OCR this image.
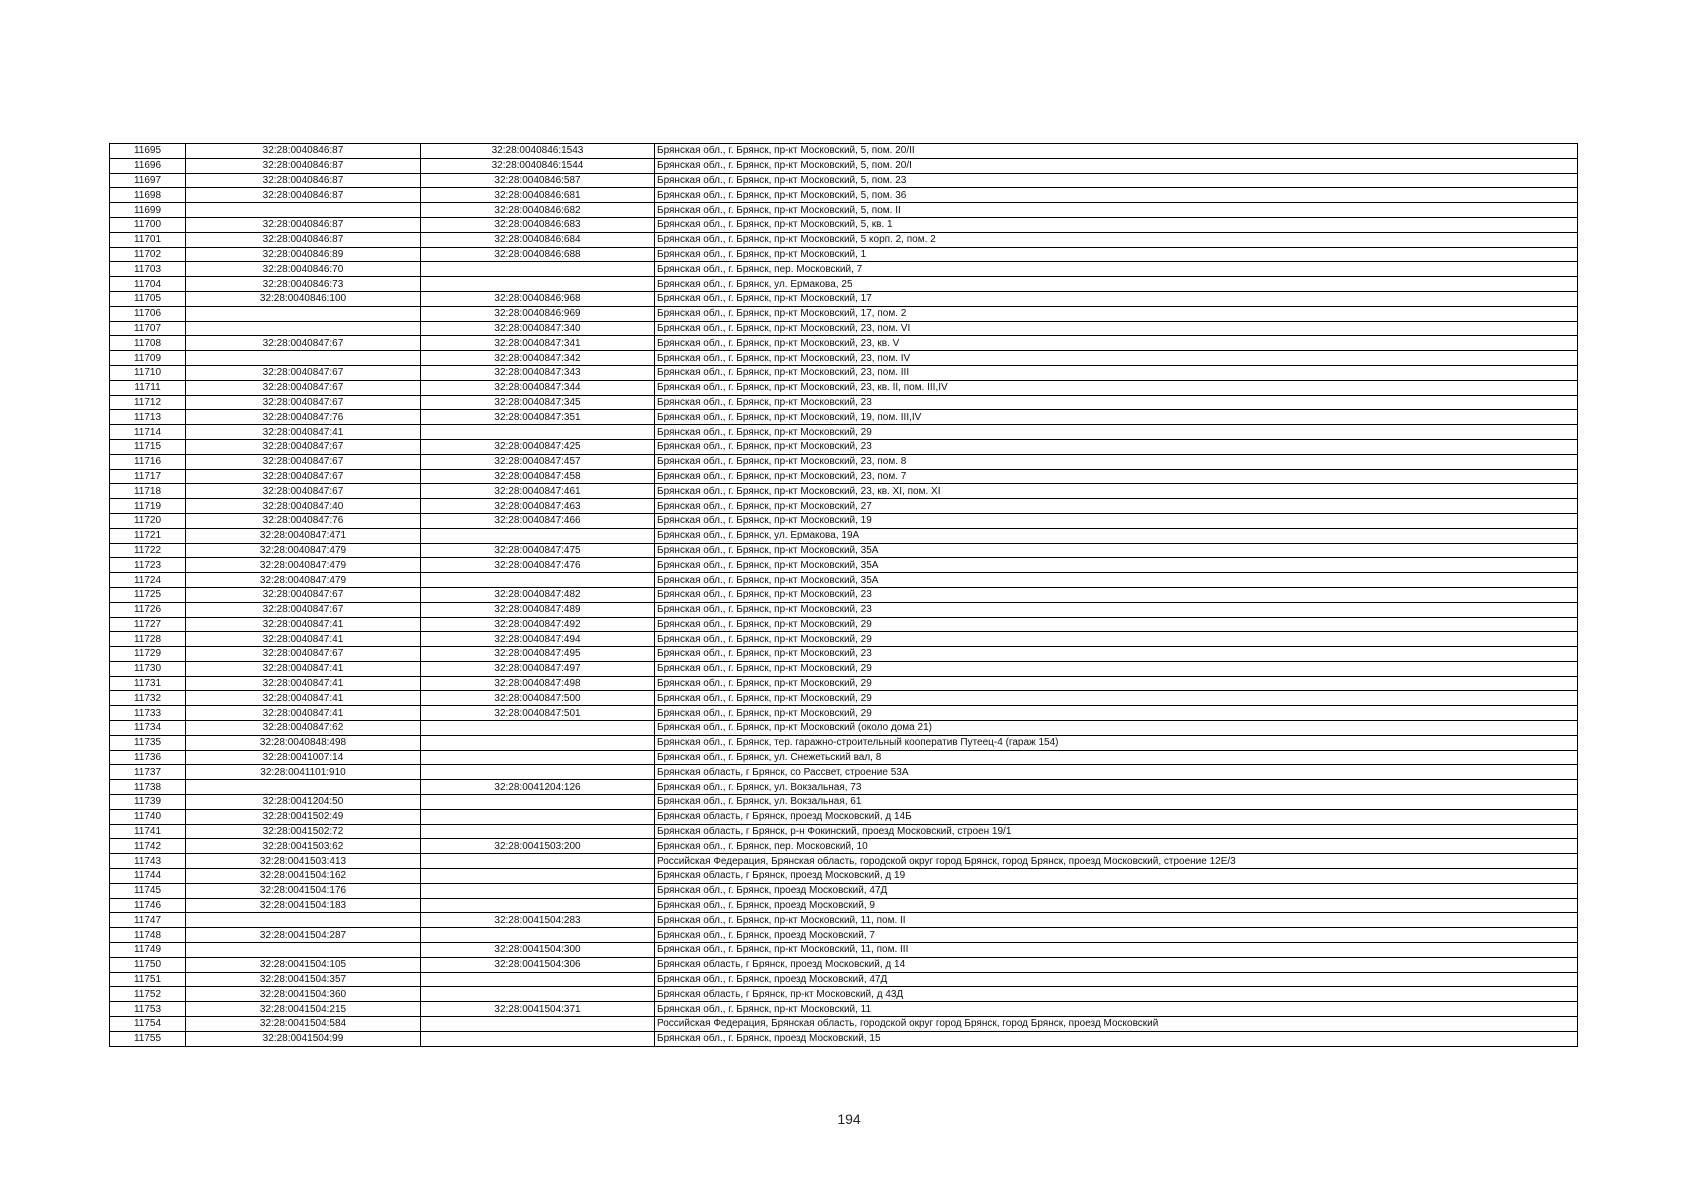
11695	32:28:0040846:87	32:28:0040846:1543	Брянская обл., г. Брянск, пр-кт Московский, 5, пом. 20/II
11696	32:28:0040846:87	32:28:0040846:1544	Брянская обл., г. Брянск, пр-кт Московский, 5, пом. 20/I
11697	32:28:0040846:87	32:28:0040846:587	Брянская обл., г. Брянск, пр-кт Московский, 5, пом. 23
11698	32:28:0040846:87	32:28:0040846:681	Брянская обл., г. Брянск, пр-кт Московский, 5, пом. 36
11699		32:28:0040846:682	Брянская обл., г. Брянск, пр-кт Московский, 5, пом. II
11700	32:28:0040846:87	32:28:0040846:683	Брянская обл., г. Брянск, пр-кт Московский, 5, кв. 1
11701	32:28:0040846:87	32:28:0040846:684	Брянская обл., г. Брянск, пр-кт Московский, 5 корп. 2, пом. 2
11702	32:28:0040846:89	32:28:0040846:688	Брянская обл., г. Брянск, пр-кт Московский, 1
11703	32:28:0040846:70		Брянская обл., г. Брянск, пер. Московский, 7
11704	32:28:0040846:73		Брянская обл., г. Брянск, ул. Ермакова, 25
11705	32:28:0040846:100	32:28:0040846:968	Брянская обл., г. Брянск, пр-кт Московский, 17
11706		32:28:0040846:969	Брянская обл., г. Брянск, пр-кт Московский, 17, пом. 2
11707		32:28:0040847:340	Брянская обл., г. Брянск, пр-кт Московский, 23, пом. VI
11708	32:28:0040847:67	32:28:0040847:341	Брянская обл., г. Брянск, пр-кт Московский, 23, кв. V
11709		32:28:0040847:342	Брянская обл., г. Брянск, пр-кт Московский, 23, пом. IV
11710	32:28:0040847:67	32:28:0040847:343	Брянская обл., г. Брянск, пр-кт Московский, 23, пом. III
11711	32:28:0040847:67	32:28:0040847:344	Брянская обл., г. Брянск, пр-кт Московский, 23, кв. II, пом. III,IV
11712	32:28:0040847:67	32:28:0040847:345	Брянская обл., г. Брянск, пр-кт Московский, 23
11713	32:28:0040847:76	32:28:0040847:351	Брянская обл., г. Брянск, пр-кт Московский, 19, пом. III,IV
11714	32:28:0040847:41		Брянская обл., г. Брянск, пр-кт Московский, 29
11715	32:28:0040847:67	32:28:0040847:425	Брянская обл., г. Брянск, пр-кт Московский, 23
11716	32:28:0040847:67	32:28:0040847:457	Брянская обл., г. Брянск, пр-кт Московский, 23, пом. 8
11717	32:28:0040847:67	32:28:0040847:458	Брянская обл., г. Брянск, пр-кт Московский, 23, пом. 7
11718	32:28:0040847:67	32:28:0040847:461	Брянская обл., г. Брянск, пр-кт Московский, 23, кв. XI, пом. XI
11719	32:28:0040847:40	32:28:0040847:463	Брянская обл., г. Брянск, пр-кт Московский, 27
11720	32:28:0040847:76	32:28:0040847:466	Брянская обл., г. Брянск, пр-кт Московский, 19
11721	32:28:0040847:471		Брянская обл., г. Брянск, ул. Ермакова, 19А
11722	32:28:0040847:479	32:28:0040847:475	Брянская обл., г. Брянск, пр-кт Московский, 35А
11723	32:28:0040847:479	32:28:0040847:476	Брянская обл., г. Брянск, пр-кт Московский, 35А
11724	32:28:0040847:479		Брянская обл., г. Брянск, пр-кт Московский, 35А
11725	32:28:0040847:67	32:28:0040847:482	Брянская обл., г. Брянск, пр-кт Московский, 23
11726	32:28:0040847:67	32:28:0040847:489	Брянская обл., г. Брянск, пр-кт Московский, 23
11727	32:28:0040847:41	32:28:0040847:492	Брянская обл., г. Брянск, пр-кт Московский, 29
11728	32:28:0040847:41	32:28:0040847:494	Брянская обл., г. Брянск, пр-кт Московский, 29
11729	32:28:0040847:67	32:28:0040847:495	Брянская обл., г. Брянск, пр-кт Московский, 23
11730	32:28:0040847:41	32:28:0040847:497	Брянская обл., г. Брянск, пр-кт Московский, 29
11731	32:28:0040847:41	32:28:0040847:498	Брянская обл., г. Брянск, пр-кт Московский, 29
11732	32:28:0040847:41	32:28:0040847:500	Брянская обл., г. Брянск, пр-кт Московский, 29
11733	32:28:0040847:41	32:28:0040847:501	Брянская обл., г. Брянск, пр-кт Московский, 29
11734	32:28:0040847:62		Брянская обл., г. Брянск, пр-кт Московский (около дома 21)
11735	32:28:0040848:498		Брянская обл., г. Брянск, тер. гаражно-строительный кооператив Путеец-4 (гараж 154)
11736	32:28:0041007:14		Брянская обл., г. Брянск, ул. Снежетьский вал, 8
11737	32:28:0041101:910		Брянская область, г Брянск, со Рассвет, строение 53А
11738		32:28:0041204:126	Брянская обл., г. Брянск, ул. Вокзальная, 73
11739	32:28:0041204:50		Брянская обл., г. Брянск, ул. Вокзальная, 61
11740	32:28:0041502:49		Брянская область, г Брянск, проезд Московский, д 14Б
11741	32:28:0041502:72		Брянская область, г Брянск, р-н Фокинский, проезд Московский, строен 19/1
11742	32:28:0041503:62	32:28:0041503:200	Брянская обл., г. Брянск, пер. Московский, 10
11743	32:28:0041503:413		Российская Федерация, Брянская область, городской округ город Брянск, город Брянск, проезд Московский, строение 12Е/3
11744	32:28:0041504:162		Брянская область, г Брянск, проезд Московский, д 19
11745	32:28:0041504:176		Брянская обл., г. Брянск, проезд Московский, 47Д
11746	32:28:0041504:183		Брянская обл., г. Брянск, проезд Московский, 9
11747		32:28:0041504:283	Брянская обл., г. Брянск, пр-кт Московский, 11, пом. II
11748	32:28:0041504:287		Брянская обл., г. Брянск, проезд Московский, 7
11749		32:28:0041504:300	Брянская обл., г. Брянск, пр-кт Московский, 11, пом. III
11750	32:28:0041504:105	32:28:0041504:306	Брянская область, г Брянск, проезд Московский, д 14
11751	32:28:0041504:357		Брянская обл., г. Брянск, проезд Московский, 47Д
11752	32:28:0041504:360		Брянская область, г Брянск, пр-кт Московский, д 43Д
11753	32:28:0041504:215	32:28:0041504:371	Брянская обл., г. Брянск, пр-кт Московский, 11
11754	32:28:0041504:584		Российская Федерация, Брянская область, городской округ город Брянск, город Брянск, проезд Московский
11755	32:28:0041504:99		Брянская обл., г. Брянск, проезд Московский, 15
194
